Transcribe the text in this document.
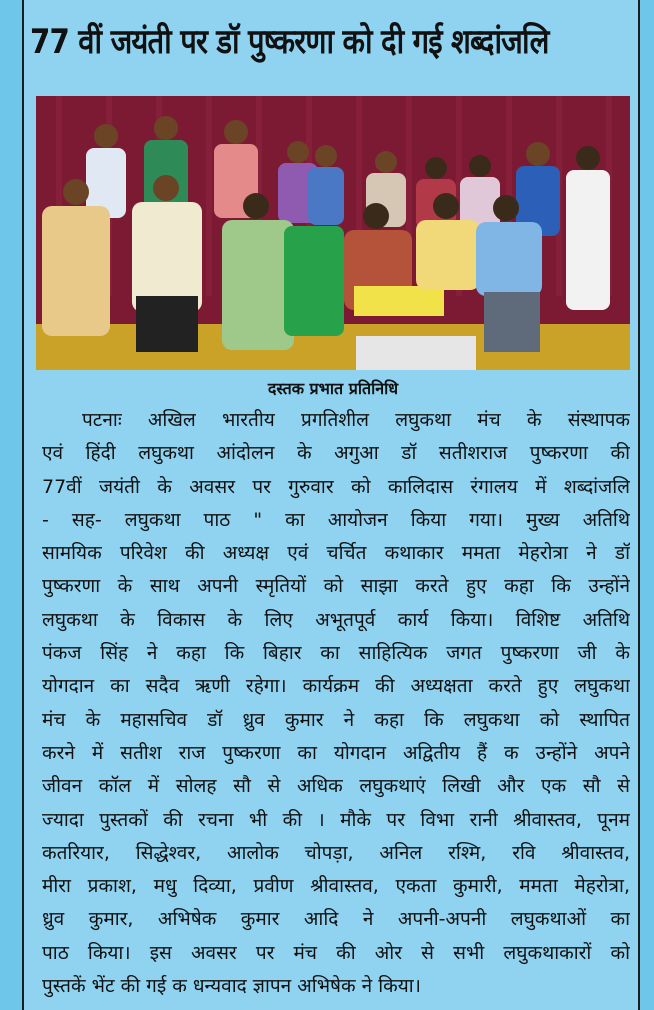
77 वीं जयंती पर डॉ पुष्करणा को दी गई शब्दांजलि
दस्तक प्रभात प्रतिनिधि
पटनाः अखिल भारतीय प्रगतिशील लघुकथा मंच के संस्थापक
एवं हिंदी लघुकथा आंदोलन के अगुआ डॉ सतीशराज पुष्करणा की
77वीं जयंती के अवसर पर गुरुवार को कालिदास रंगालय में शब्दांजलि
- सह- लघुकथा पाठ " का आयोजन किया गया। मुख्य अतिथि
सामयिक परिवेश की अध्यक्ष एवं चर्चित कथाकार ममता मेहरोत्रा ने डॉ
पुष्करणा के साथ अपनी स्मृतियों को साझा करते हुए कहा कि उन्होंने
लघुकथा के विकास के लिए अभूतपूर्व कार्य किया। विशिष्ट अतिथि
पंकज सिंह ने कहा कि बिहार का साहित्यिक जगत पुष्करणा जी के
योगदान का सदैव ऋणी रहेगा। कार्यक्रम की अध्यक्षता करते हुए लघुकथा
मंच के महासचिव डॉ ध्रुव कुमार ने कहा कि लघुकथा को स्थापित
करने में सतीश राज पुष्करणा का योगदान अद्वितीय हैं क उन्होंने अपने
जीवन कॉल में सोलह सौ से अधिक लघुकथाएं लिखी और एक सौ से
ज्यादा पुस्तकों की रचना भी की । मौके पर विभा रानी श्रीवास्तव, पूनम
कतरियार, सिद्धेश्वर, आलोक चोपड़ा, अनिल रश्मि, रवि श्रीवास्तव,
मीरा प्रकाश, मधु दिव्या, प्रवीण श्रीवास्तव, एकता कुमारी, ममता मेहरोत्रा,
ध्रुव कुमार, अभिषेक कुमार आदि ने अपनी-अपनी लघुकथाओं का
पाठ किया। इस अवसर पर मंच की ओर से सभी लघुकथाकारों को
पुस्तकें भेंट की गई क धन्यवाद ज्ञापन अभिषेक ने किया।
